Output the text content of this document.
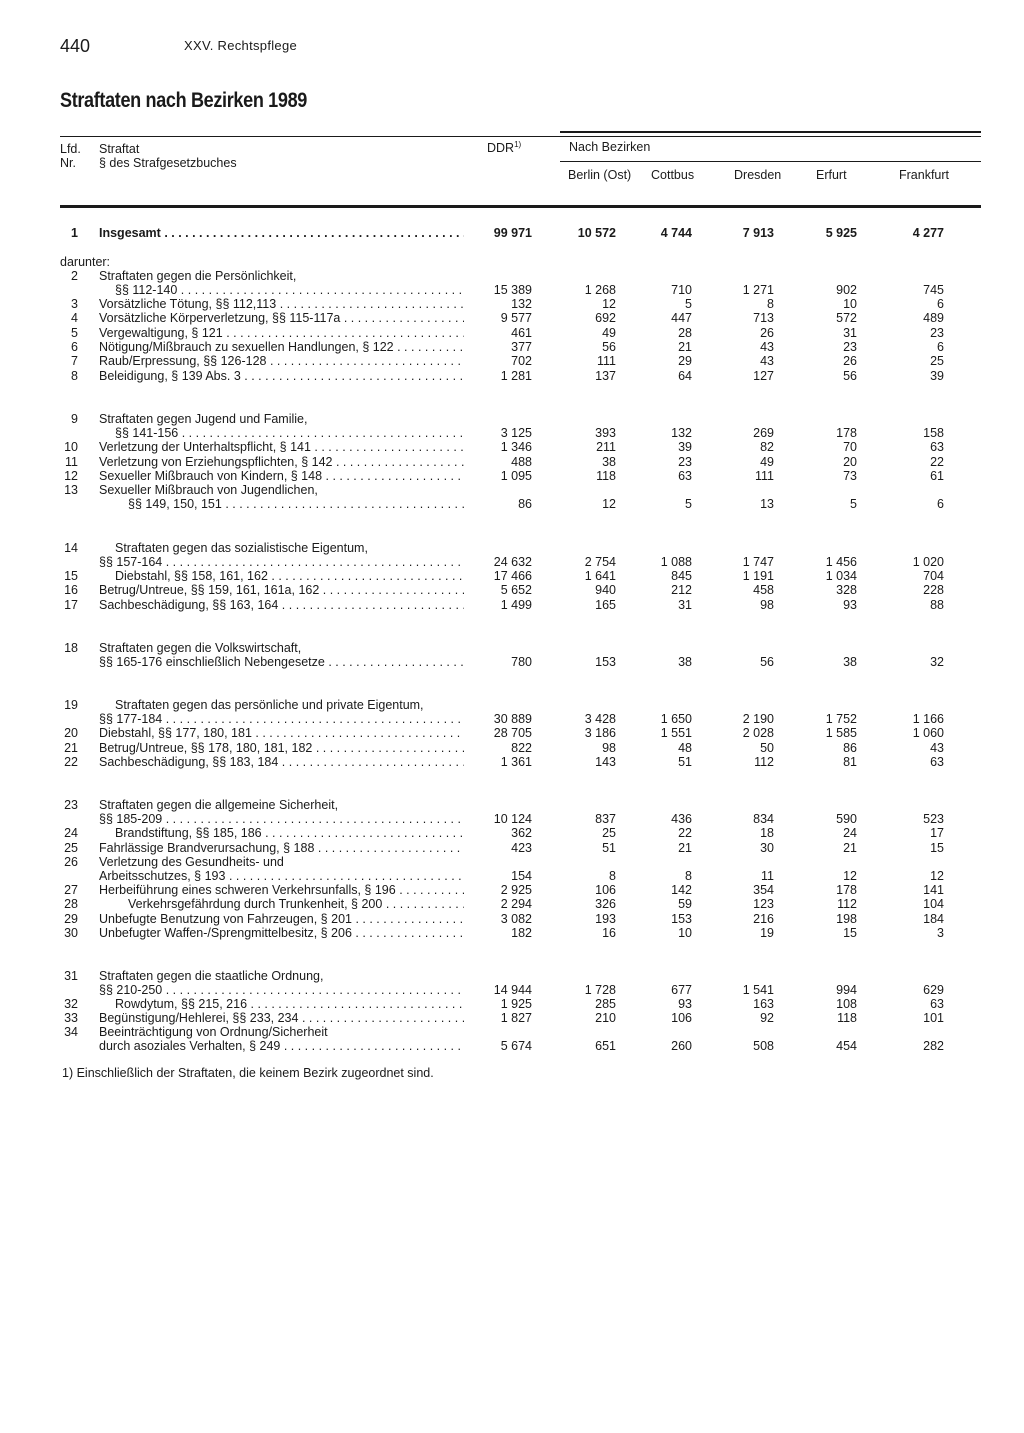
440	XXV. Rechtspflege
Straftaten nach Bezirken 1989
Lfd.
Nr.
Straftat
§ des Strafgesetzbuches
DDR$^{1)}$	Nach Bezirken
Berlin (Ost) Cottbus	Dresden	Erfurt	Frankfurt
darunter:
1 Insgesamt . . .	99 971	10 572	4 744	7 913	5 925	4 277
2 Straftaten gegen die Persönlichkeit,
§§ 112-140 . . .	15 389	1 268	710	1 271	902	745
3 Vorsätzliche Tötung, §§ 112,113 . . .	132	12	5	8	10	6
4 Vorsätzliche Körperverletzung, §§ 115-117a . . .	9 577	692	447	713	572	489
5 Vergewaltigung, § 121 . . .	461	49	28	26	31	23
6 Nötigung/Mißbrauch zu sexuellen Handlungen, § 122 . . .	377	56	21	43	23	6
7 Raub/Erpressung, §§ 126-128 . . .	702	111	29	43	26	25
8 Beleidigung, § 139 Abs. 3 . . .	1 281	137	64	127	56	39
9 Straftaten gegen Jugend und Familie,
§§ 141-156 . . .	3 125	393	132	269	178	158
10 Verletzung der Unterhaltspflicht, § 141 . . .	1 346	211	39	82	70	63
11 Verletzung von Erziehungspflichten, § 142 . . .	488	38	23	49	20	22
12 Sexueller Mißbrauch von Kindern, § 148 . . .	1 095	118	63	111	73	61
13 Sexueller Mißbrauch von Jugendlichen,
§§ 149, 150, 151 . . .	86	12	5	13	5	6
14	Straftaten gegen das sozialistische Eigentum,
§§ 157-164 . . .	24 632	2 754	1 088	1 747	1 456	1 020
15	Diebstahl, §§ 158, 161, 162 . . .	17 466	1 641	845	1 191	1 034	704
16 Betrug/Untreue, §§ 159, 161, 161a, 162 . . .	5 652	940	212	458	328	228
17 Sachbeschädigung, §§ 163, 164 . . .	1 499	165	31	98	93	88
18 Straftaten gegen die Volkswirtschaft,
§§ 165-176 einschließlich Nebengesetze . . .	780	153	38	56	38	32
19	Straftaten gegen das persönliche und private Eigentum,
§§ 177-184 . . .	30 889	3 428	1 650	2 190	1 752	1 166
20 Diebstahl, §§ 177, 180, 181 . . .	28 705	3 186	1 551	2 028	1 585	1 060
21 Betrug/Untreue, §§ 178, 180, 181, 182 . . .	822	98	48	50	86	43
22 Sachbeschädigung, §§ 183, 184 . . .	1 361	143	51	112	81	63
23 Straftaten gegen die allgemeine Sicherheit,
§§ 185-209 . . .	10 124	837	436	834	590	523
24	Brandstiftung, §§ 185, 186 . . .	362	25	22	18	24	17
25 Fahrlässige Brandverursachung, § 188 . . .	423	51	21	30	21	15
26 Verletzung des Gesundheits- und
Arbeitsschutzes, § 193 . . .	154	8	8	11	12	12
27 Herbeiführung eines schweren Verkehrsunfalls, § 196 . . .	2 925	106	142	354	178	141
28	Verkehrsgefährdung durch Trunkenheit, § 200 . . .	2 294	326	59	123	112	104
29 Unbefugte Benutzung von Fahrzeugen, § 201 . . .	3 082	193	153	216	198	184
30 Unbefugter Waffen-/Sprengmittelbesitz, § 206 . . .	182	16	10	19	15	3
31 Straftaten gegen die staatliche Ordnung,
§§ 210-250 . . .	14 944	1 728	677	1 541	994	629
32	Rowdytum, §§ 215, 216 . . .	1 925	285	93	163	108	63
33 Begünstigung/Hehlerei, §§ 233, 234 . . .	1 827	210	106	92	118	101
34 Beeinträchtigung von Ordnung/Sicherheit
durch asoziales Verhalten, § 249 . . .	5 674	651	260	508	454	282
1) Einschließlich der Straftaten, die keinem Bezirk zugeordnet sind.
